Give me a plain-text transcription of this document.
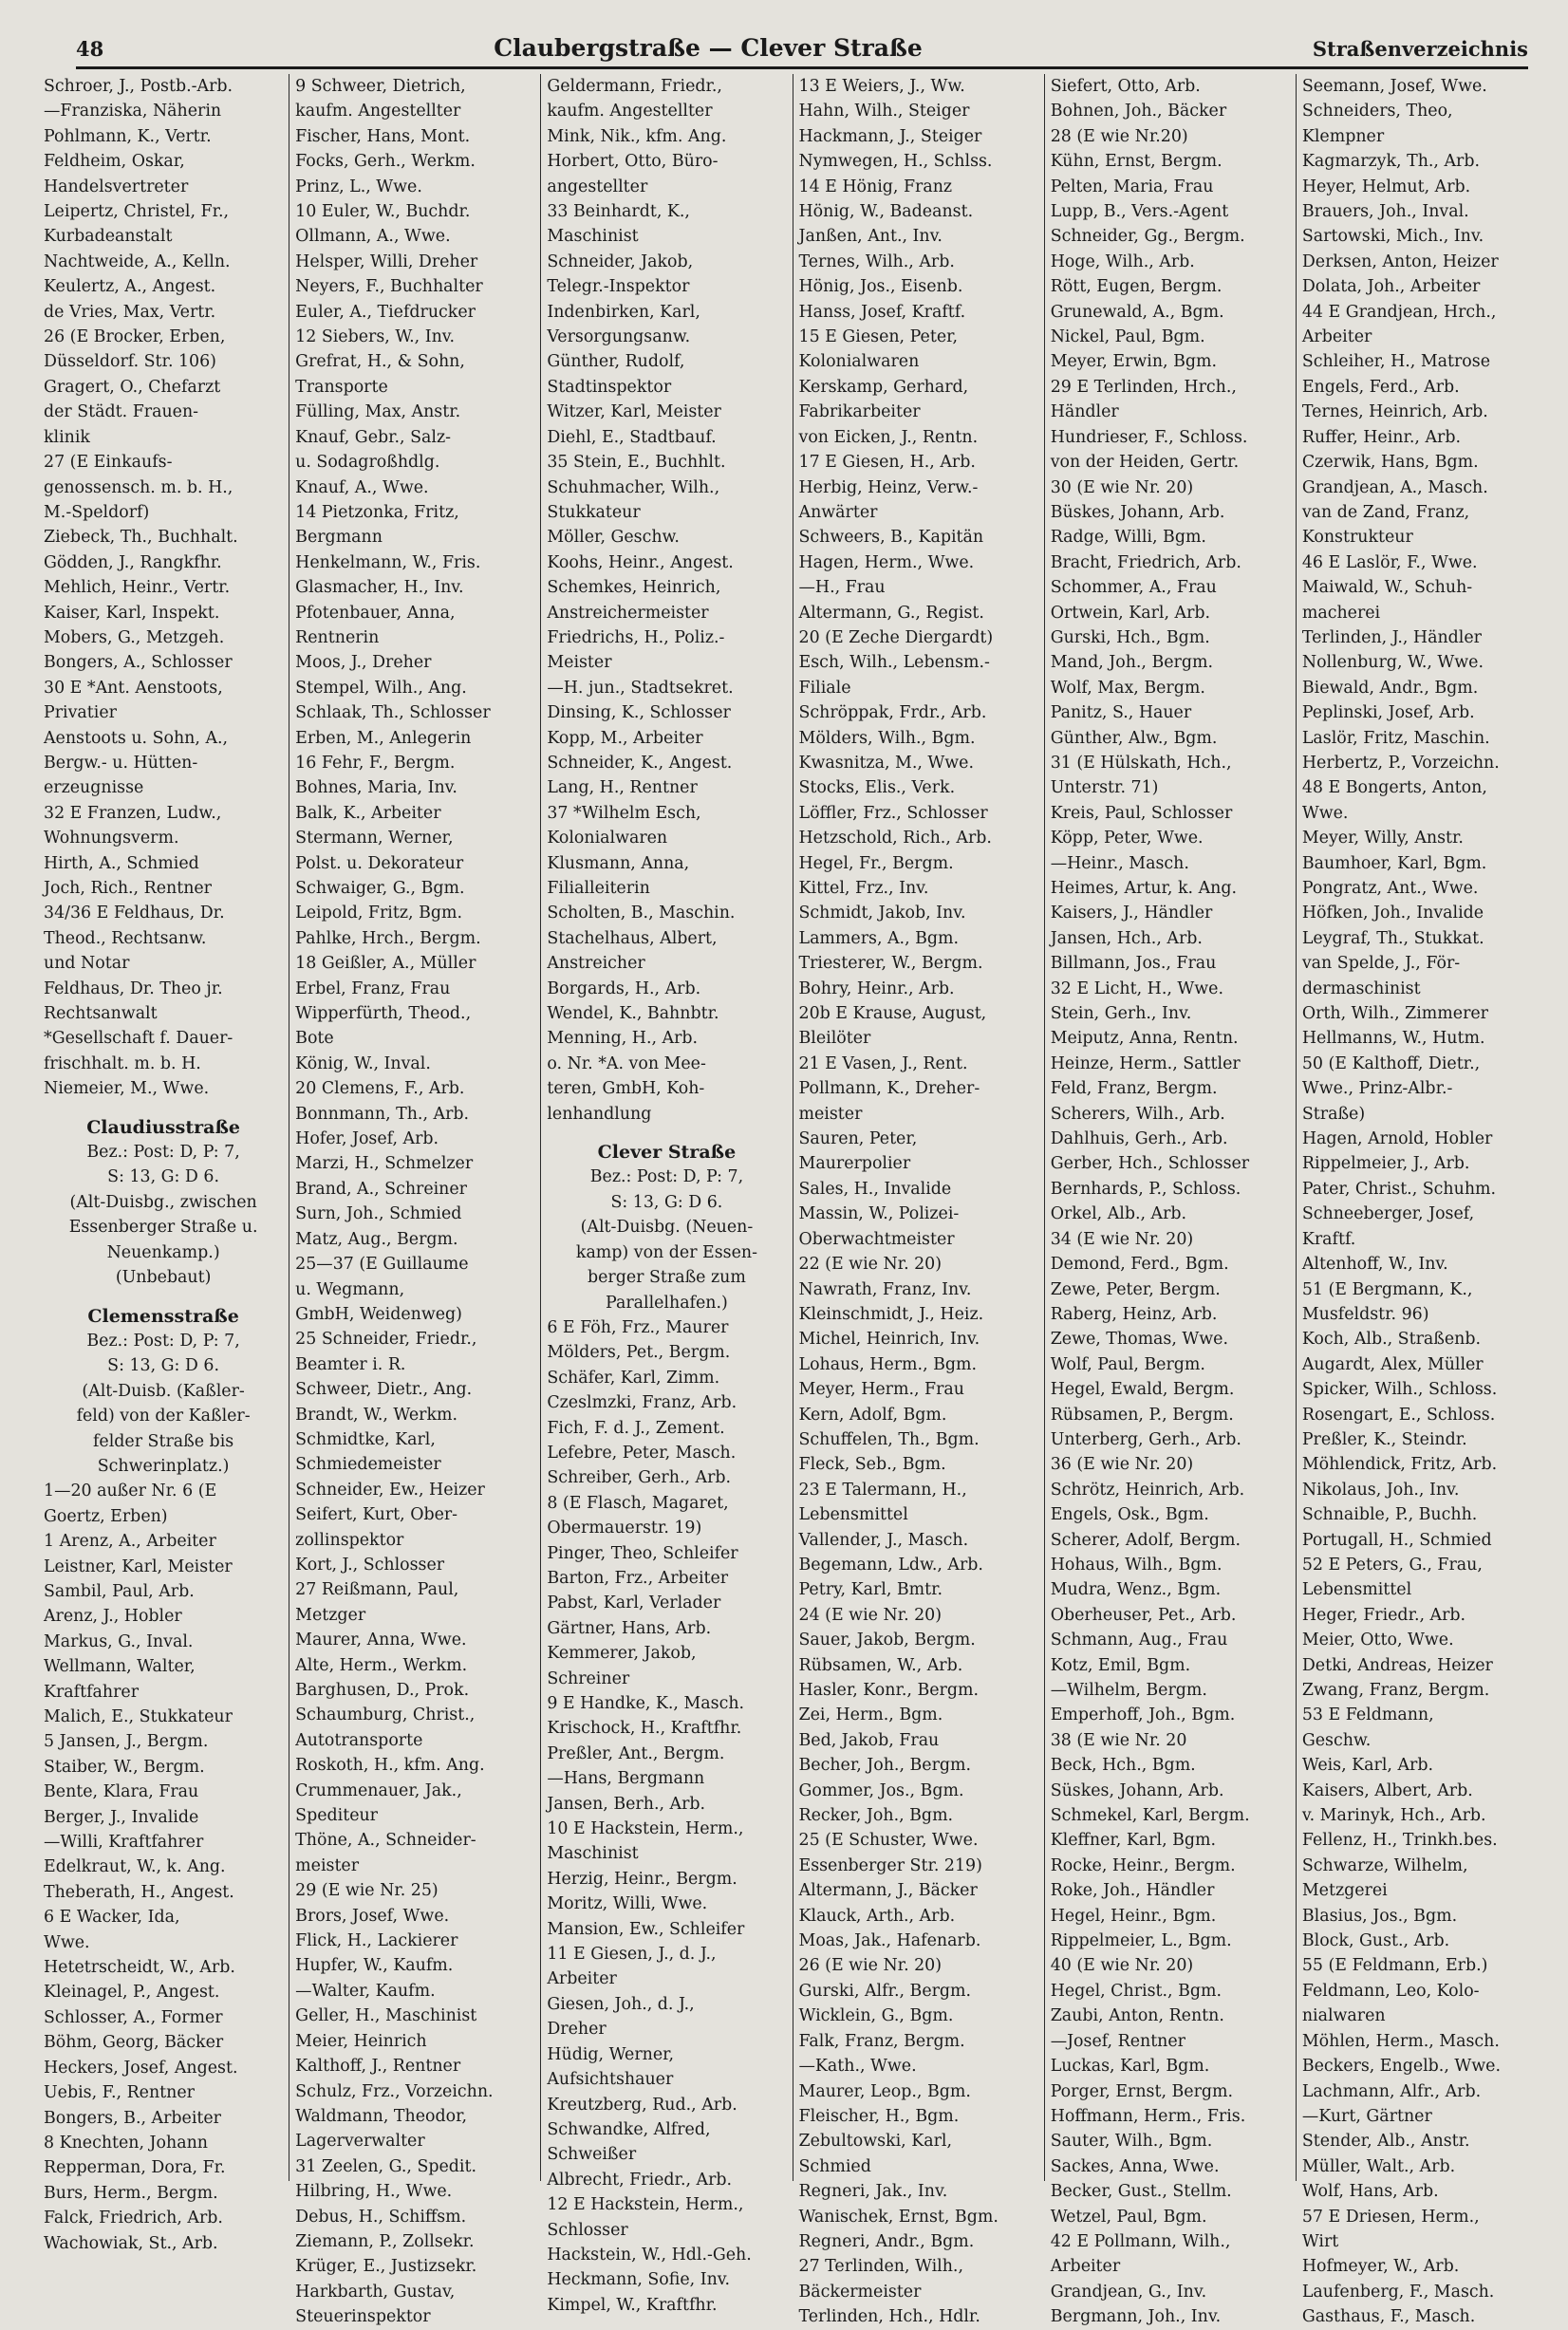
48	Claubergstraße — Clever Straße	Straßenverzeichnis
Schroer, J., Postb.-Arb.
—Franziska, Näherin
Pohlmann, K., Vertr.
Feldheim, Oskar,
Handelsvertreter
Leipertz, Christel, Fr.,
Kurbadeanstalt
Nachtweide, A., Kelln.
Keulertz, A., Angest.
de Vries, Max, Vertr.
26 (E Brocker, Erben,
Düsseldorf. Str. 106)
Gragert, O., Chefarzt
der Städt. Frauen-
klinik
27 (E Einkaufs-
genossensch. m. b. H.,
M.-Speldorf)
Ziebeck, Th., Buchhalt.
Gödden, J., Rangkfhr.
Mehlich, Heinr., Vertr.
Kaiser, Karl, Inspekt.
Mobers, G., Metzgeh.
Bongers, A., Schlosser
30 E *Ant. Aenstoots,
Privatier
Aenstoots u. Sohn, A.,
Bergw.- u. Hütten-
erzeugnisse
32 E Franzen, Ludw.,
Wohnungsverm.
Hirth, A., Schmied
Joch, Rich., Rentner
34/36 E Feldhaus, Dr.
Theod., Rechtsanw.
und Notar
Feldhaus, Dr. Theo jr.
Rechtsanwalt
*Gesellschaft f. Dauer-
frischhalt. m. b. H.
Niemeier, M., Wwe.
Claudiusstraße
Bez.: Post: D, P: 7,
S: 13, G: D 6.
(Alt-Duisbg., zwischen
Essenberger Straße u.
Neuenkamp.)
(Unbebaut)
Clemensstraße
Bez.: Post: D, P: 7,
S: 13, G: D 6.
(Alt-Duisb. (Kaßler-
feld) von der Kaßler-
felder Straße bis
Schwerinplatz.)
1—20 außer Nr. 6 (E
Goertz, Erben)
1 Arenz, A., Arbeiter
Leistner, Karl, Meister
Sambil, Paul, Arb.
Arenz, J., Hobler
Markus, G., Inval.
Wellmann, Walter,
Kraftfahrer
Malich, E., Stukkateur
5 Jansen, J., Bergm.
Staiber, W., Bergm.
Bente, Klara, Frau
Berger, J., Invalide
—Willi, Kraftfahrer
Edelkraut, W., k. Ang.
Theberath, H., Angest.
6 E Wacker, Ida,
Wwe.
Hetetrscheidt, W., Arb.
Kleinagel, P., Angest.
Schlosser, A., Former
Böhm, Georg, Bäcker
Heckers, Josef, Angest.
Uebis, F., Rentner
Bongers, B., Arbeiter
8 Knechten, Johann
Repperman, Dora, Fr.
Burs, Herm., Bergm.
Falck, Friedrich, Arb.
Wachowiak, St., Arb.
9 Schweer, Dietrich,
kaufm. Angestellter
Fischer, Hans, Mont.
Focks, Gerh., Werkm.
Prinz, L., Wwe.
10 Euler, W., Buchdr.
Ollmann, A., Wwe.
Helsper, Willi, Dreher
Neyers, F., Buchhalter
Euler, A., Tiefdrucker
12 Siebers, W., Inv.
Grefrat, H., & Sohn,
Transporte
Fülling, Max, Anstr.
Knauf, Gebr., Salz-
u. Sodagroßhdlg.
Knauf, A., Wwe.
14 Pietzonka, Fritz,
Bergmann
Henkelmann, W., Fris.
Glasmacher, H., Inv.
Pfotenbauer, Anna,
Rentnerin
Moos, J., Dreher
Stempel, Wilh., Ang.
Schlaak, Th., Schlosser
Erben, M., Anlegerin
16 Fehr, F., Bergm.
Bohnes, Maria, Inv.
Balk, K., Arbeiter
Stermann, Werner,
Polst. u. Dekorateur
Schwaiger, G., Bgm.
Leipold, Fritz, Bgm.
Pahlke, Hrch., Bergm.
18 Geißler, A., Müller
Erbel, Franz, Frau
Wipperfürth, Theod.,
Bote
König, W., Inval.
20 Clemens, F., Arb.
Bonnmann, Th., Arb.
Hofer, Josef, Arb.
Marzi, H., Schmelzer
Brand, A., Schreiner
Surn, Joh., Schmied
Matz, Aug., Bergm.
25—37 (E Guillaume
u. Wegmann,
GmbH, Weidenweg)
25 Schneider, Friedr.,
Beamter i. R.
Schweer, Dietr., Ang.
Brandt, W., Werkm.
Schmidtke, Karl,
Schmiedemeister
Schneider, Ew., Heizer
Seifert, Kurt, Ober-
zollinspektor
Kort, J., Schlosser
27 Reißmann, Paul,
Metzger
Maurer, Anna, Wwe.
Alte, Herm., Werkm.
Barghusen, D., Prok.
Schaumburg, Christ.,
Autotransporte
Roskoth, H., kfm. Ang.
Crummenauer, Jak.,
Spediteur
Thöne, A., Schneider-
meister
29 (E wie Nr. 25)
Brors, Josef, Wwe.
Flick, H., Lackierer
Hupfer, W., Kaufm.
—Walter, Kaufm.
Geller, H., Maschinist
Meier, Heinrich
Kalthoff, J., Rentner
Schulz, Frz., Vorzeichn.
Waldmann, Theodor,
Lagerverwalter
31 Zeelen, G., Spedit.
Hilbring, H., Wwe.
Debus, H., Schiffsm.
Ziemann, P., Zollsekr.
Krüger, E., Justizsekr.
Harkbarth, Gustav,
Steuerinspektor
Geldermann, Friedr.,
kaufm. Angestellter
Mink, Nik., kfm. Ang.
Horbert, Otto, Büro-
angestellter
33 Beinhardt, K.,
Maschinist
Schneider, Jakob,
Telegr.-Inspektor
Indenbirken, Karl,
Versorgungsanw.
Günther, Rudolf,
Stadtinspektor
Witzer, Karl, Meister
Diehl, E., Stadtbauf.
35 Stein, E., Buchhlt.
Schuhmacher, Wilh.,
Stukkateur
Möller, Geschw.
Koohs, Heinr., Angest.
Schemkes, Heinrich,
Anstreichermeister
Friedrichs, H., Poliz.-
Meister
—H. jun., Stadtsekret.
Dinsing, K., Schlosser
Kopp, M., Arbeiter
Schneider, K., Angest.
Lang, H., Rentner
37 *Wilhelm Esch,
Kolonialwaren
Klusmann, Anna,
Filialleiterin
Scholten, B., Maschin.
Stachelhaus, Albert,
Anstreicher
Borgards, H., Arb.
Wendel, K., Bahnbtr.
Menning, H., Arb.
o. Nr. *A. von Mee-
teren, GmbH, Koh-
lenhandlung
Clever Straße
Bez.: Post: D, P: 7,
S: 13, G: D 6.
(Alt-Duisbg. (Neuen-
kamp) von der Essen-
berger Straße zum
Parallelhafen.)
6 E Föh, Frz., Maurer
Mölders, Pet., Bergm.
Schäfer, Karl, Zimm.
Czeslmzki, Franz, Arb.
Fich, F. d. J., Zement.
Lefebre, Peter, Masch.
Schreiber, Gerh., Arb.
8 (E Flasch, Magaret,
Obermauerstr. 19)
Pinger, Theo, Schleifer
Barton, Frz., Arbeiter
Pabst, Karl, Verlader
Gärtner, Hans, Arb.
Kemmerer, Jakob,
Schreiner
9 E Handke, K., Masch.
Krischock, H., Kraftfhr.
Preßler, Ant., Bergm.
—Hans, Bergmann
Jansen, Berh., Arb.
10 E Hackstein, Herm.,
Maschinist
Herzig, Heinr., Bergm.
Moritz, Willi, Wwe.
Mansion, Ew., Schleifer
11 E Giesen, J., d. J.,
Arbeiter
Giesen, Joh., d. J.,
Dreher
Hüdig, Werner,
Aufsichtshauer
Kreutzberg, Rud., Arb.
Schwandke, Alfred,
Schweißer
Albrecht, Friedr., Arb.
12 E Hackstein, Herm.,
Schlosser
Hackstein, W., Hdl.-Geh.
Heckmann, Sofie, Inv.
Kimpel, W., Kraftfhr.
13 E Weiers, J., Ww.
Hahn, Wilh., Steiger
Hackmann, J., Steiger
Nymwegen, H., Schlss.
14 E Hönig, Franz
Hönig, W., Badeanst.
Janßen, Ant., Inv.
Ternes, Wilh., Arb.
Hönig, Jos., Eisenb.
Hanss, Josef, Kraftf.
15 E Giesen, Peter,
Kolonialwaren
Kerskamp, Gerhard,
Fabrikarbeiter
von Eicken, J., Rentn.
17 E Giesen, H., Arb.
Herbig, Heinz, Verw.-
Anwärter
Schweers, B., Kapitän
Hagen, Herm., Wwe.
—H., Frau
Altermann, G., Regist.
20 (E Zeche Diergardt)
Esch, Wilh., Lebensm.-
Filiale
Schröppak, Frdr., Arb.
Mölders, Wilh., Bgm.
Kwasnitza, M., Wwe.
Stocks, Elis., Verk.
Löffler, Frz., Schlosser
Hetzschold, Rich., Arb.
Hegel, Fr., Bergm.
Kittel, Frz., Inv.
Schmidt, Jakob, Inv.
Lammers, A., Bgm.
Triesterer, W., Bergm.
Bohry, Heinr., Arb.
20b E Krause, August,
Bleilöter
21 E Vasen, J., Rent.
Pollmann, K., Dreher-
meister
Sauren, Peter,
Maurerpolier
Sales, H., Invalide
Massin, W., Polizei-
Oberwachtmeister
22 (E wie Nr. 20)
Nawrath, Franz, Inv.
Kleinschmidt, J., Heiz.
Michel, Heinrich, Inv.
Lohaus, Herm., Bgm.
Meyer, Herm., Frau
Kern, Adolf, Bgm.
Schuffelen, Th., Bgm.
Fleck, Seb., Bgm.
23 E Talermann, H.,
Lebensmittel
Vallender, J., Masch.
Begemann, Ldw., Arb.
Petry, Karl, Bmtr.
24 (E wie Nr. 20)
Sauer, Jakob, Bergm.
Rübsamen, W., Arb.
Hasler, Konr., Bergm.
Zei, Herm., Bgm.
Bed, Jakob, Frau
Becher, Joh., Bergm.
Gommer, Jos., Bgm.
Recker, Joh., Bgm.
25 (E Schuster, Wwe.
Essenberger Str. 219)
Altermann, J., Bäcker
Klauck, Arth., Arb.
Moas, Jak., Hafenarb.
26 (E wie Nr. 20)
Gurski, Alfr., Bergm.
Wicklein, G., Bgm.
Falk, Franz, Bergm.
—Kath., Wwe.
Maurer, Leop., Bgm.
Fleischer, H., Bgm.
Zebultowski, Karl,
Schmied
Regneri, Jak., Inv.
Wanischek, Ernst, Bgm.
Regneri, Andr., Bgm.
27 Terlinden, Wilh.,
Bäckermeister
Terlinden, Hch., Hdlr.
Siefert, Otto, Arb.
Bohnen, Joh., Bäcker
28 (E wie Nr.20)
Kühn, Ernst, Bergm.
Pelten, Maria, Frau
Lupp, B., Vers.-Agent
Schneider, Gg., Bergm.
Hoge, Wilh., Arb.
Rött, Eugen, Bergm.
Grunewald, A., Bgm.
Nickel, Paul, Bgm.
Meyer, Erwin, Bgm.
29 E Terlinden, Hrch.,
Händler
Hundrieser, F., Schloss.
von der Heiden, Gertr.
30 (E wie Nr. 20)
Büskes, Johann, Arb.
Radge, Willi, Bgm.
Bracht, Friedrich, Arb.
Schommer, A., Frau
Ortwein, Karl, Arb.
Gurski, Hch., Bgm.
Mand, Joh., Bergm.
Wolf, Max, Bergm.
Panitz, S., Hauer
Günther, Alw., Bgm.
31 (E Hülskath, Hch.,
Unterstr. 71)
Kreis, Paul, Schlosser
Köpp, Peter, Wwe.
—Heinr., Masch.
Heimes, Artur, k. Ang.
Kaisers, J., Händler
Jansen, Hch., Arb.
Billmann, Jos., Frau
32 E Licht, H., Wwe.
Stein, Gerh., Inv.
Meiputz, Anna, Rentn.
Heinze, Herm., Sattler
Feld, Franz, Bergm.
Scherers, Wilh., Arb.
Dahlhuis, Gerh., Arb.
Gerber, Hch., Schlosser
Bernhards, P., Schloss.
Orkel, Alb., Arb.
34 (E wie Nr. 20)
Demond, Ferd., Bgm.
Zewe, Peter, Bergm.
Raberg, Heinz, Arb.
Zewe, Thomas, Wwe.
Wolf, Paul, Bergm.
Hegel, Ewald, Bergm.
Rübsamen, P., Bergm.
Unterberg, Gerh., Arb.
36 (E wie Nr. 20)
Schrötz, Heinrich, Arb.
Engels, Osk., Bgm.
Scherer, Adolf, Bergm.
Hohaus, Wilh., Bgm.
Mudra, Wenz., Bgm.
Oberheuser, Pet., Arb.
Schmann, Aug., Frau
Kotz, Emil, Bgm.
—Wilhelm, Bergm.
Emperhoff, Joh., Bgm.
38 (E wie Nr. 20
Beck, Hch., Bgm.
Süskes, Johann, Arb.
Schmekel, Karl, Bergm.
Kleffner, Karl, Bgm.
Rocke, Heinr., Bergm.
Roke, Joh., Händler
Hegel, Heinr., Bgm.
Rippelmeier, L., Bgm.
40 (E wie Nr. 20)
Hegel, Christ., Bgm.
Zaubi, Anton, Rentn.
—Josef, Rentner
Luckas, Karl, Bgm.
Porger, Ernst, Bergm.
Hoffmann, Herm., Fris.
Sauter, Wilh., Bgm.
Sackes, Anna, Wwe.
Becker, Gust., Stellm.
Wetzel, Paul, Bgm.
42 E Pollmann, Wilh.,
Arbeiter
Grandjean, G., Inv.
Bergmann, Joh., Inv.
Seemann, Josef, Wwe.
Schneiders, Theo,
Klempner
Kagmarzyk, Th., Arb.
Heyer, Helmut, Arb.
Brauers, Joh., Inval.
Sartowski, Mich., Inv.
Derksen, Anton, Heizer
Dolata, Joh., Arbeiter
44 E Grandjean, Hrch.,
Arbeiter
Schleiher, H., Matrose
Engels, Ferd., Arb.
Ternes, Heinrich, Arb.
Ruffer, Heinr., Arb.
Czerwik, Hans, Bgm.
Grandjean, A., Masch.
van de Zand, Franz,
Konstrukteur
46 E Laslör, F., Wwe.
Maiwald, W., Schuh-
macherei
Terlinden, J., Händler
Nollenburg, W., Wwe.
Biewald, Andr., Bgm.
Peplinski, Josef, Arb.
Laslör, Fritz, Maschin.
Herbertz, P., Vorzeichn.
48 E Bongerts, Anton,
Wwe.
Meyer, Willy, Anstr.
Baumhoer, Karl, Bgm.
Pongratz, Ant., Wwe.
Höfken, Joh., Invalide
Leygraf, Th., Stukkat.
van Spelde, J., För-
dermaschinist
Orth, Wilh., Zimmerer
Hellmanns, W., Hutm.
50 (E Kalthoff, Dietr.,
Wwe., Prinz-Albr.-
Straße)
Hagen, Arnold, Hobler
Rippelmeier, J., Arb.
Pater, Christ., Schuhm.
Schneeberger, Josef,
Kraftf.
Altenhoff, W., Inv.
51 (E Bergmann, K.,
Musfeldstr. 96)
Koch, Alb., Straßenb.
Augardt, Alex, Müller
Spicker, Wilh., Schloss.
Rosengart, E., Schloss.
Preßler, K., Steindr.
Möhlendick, Fritz, Arb.
Nikolaus, Joh., Inv.
Schnaible, P., Buchh.
Portugall, H., Schmied
52 E Peters, G., Frau,
Lebensmittel
Heger, Friedr., Arb.
Meier, Otto, Wwe.
Detki, Andreas, Heizer
Zwang, Franz, Bergm.
53 E Feldmann,
Geschw.
Weis, Karl, Arb.
Kaisers, Albert, Arb.
v. Marinyk, Hch., Arb.
Fellenz, H., Trinkh.bes.
Schwarze, Wilhelm,
Metzgerei
Blasius, Jos., Bgm.
Block, Gust., Arb.
55 (E Feldmann, Erb.)
Feldmann, Leo, Kolo-
nialwaren
Möhlen, Herm., Masch.
Beckers, Engelb., Wwe.
Lachmann, Alfr., Arb.
—Kurt, Gärtner
Stender, Alb., Anstr.
Müller, Walt., Arb.
Wolf, Hans, Arb.
57 E Driesen, Herm.,
Wirt
Hofmeyer, W., Arb.
Laufenberg, F., Masch.
Gasthaus, F., Masch.
